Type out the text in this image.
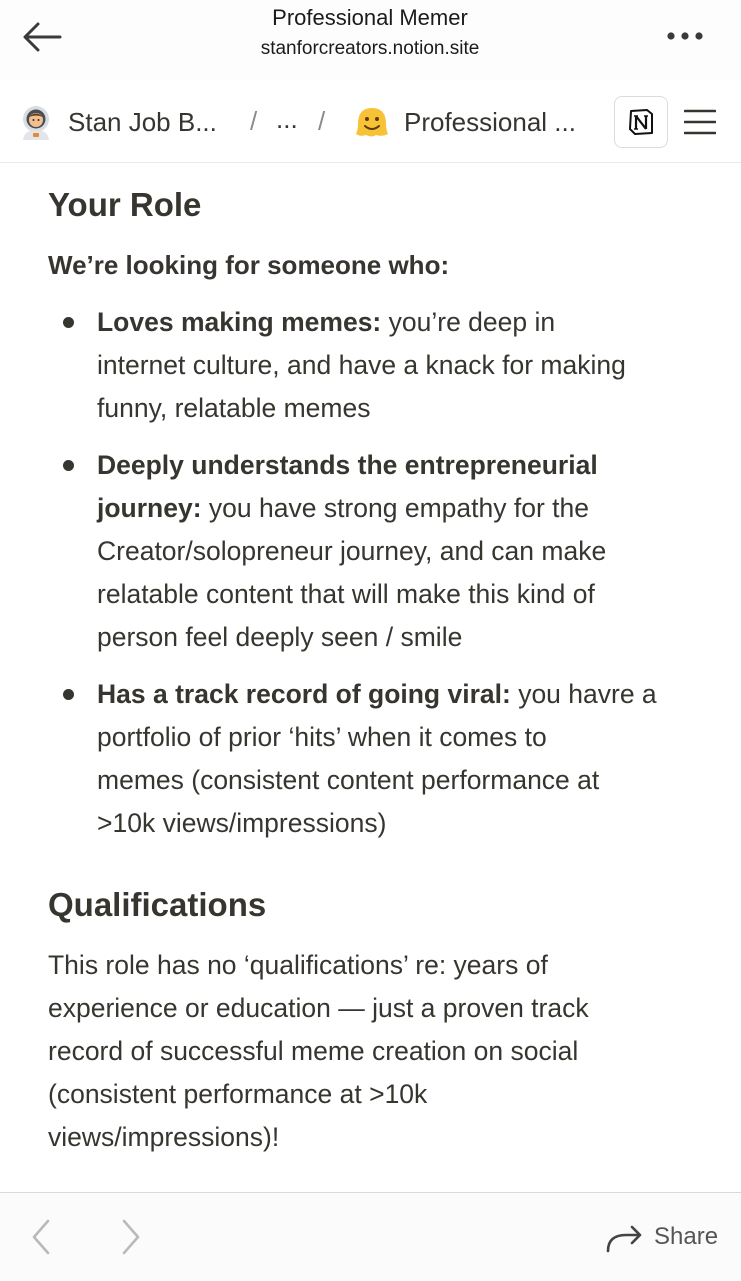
Professional Memer
stanforcreators.notion.site
Stan Job B... / ... /	Professional ...
Your Role
We’re looking for someone who:
Loves making memes: you’re deep in
internet culture, and have a knack for making
funny, relatable memes
Deeply understands the entrepreneurial
journey: you have strong empathy for the
Creator/solopreneur journey, and can make
relatable content that will make this kind of
person feel deeply seen / smile
Has a track record of going viral: you havre a
portfolio of prior ‘hits’ when it comes to
memes (consistent content performance at
>10k views/impressions)
Qualifications
This role has no ‘qualifications’ re: years of
experience or education — just a proven track
record of successful meme creation on social
(consistent performance at >10k
views/impressions)!
Share
